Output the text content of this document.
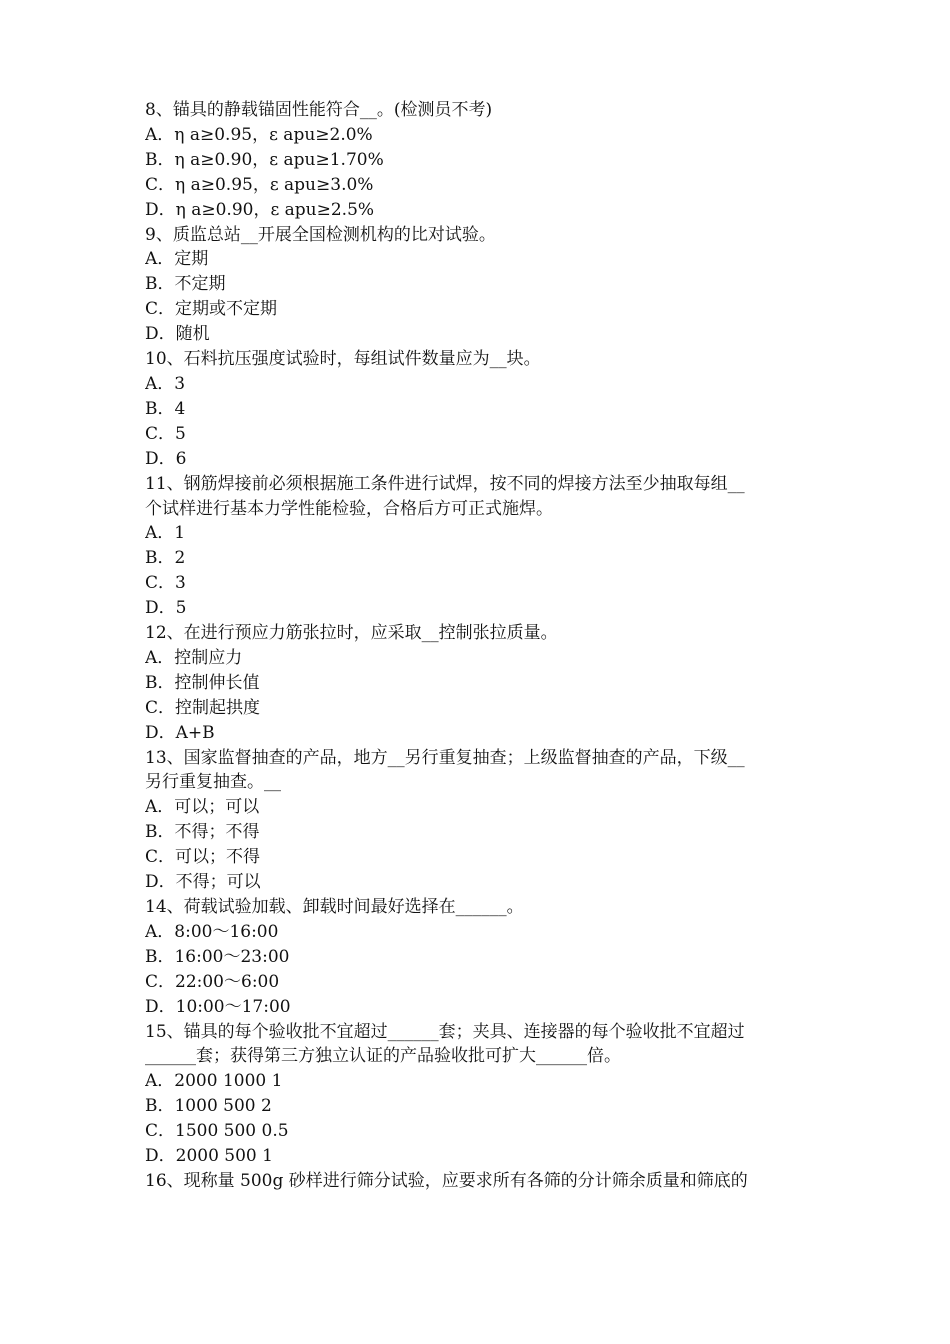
8、锚具的静载锚固性能符合__。(检测员不考)

A．η a≥0.95，ε apu≥2.0%

B．η a≥0.90，ε apu≥1.70%

C．η a≥0.95，ε apu≥3.0%

D．η a≥0.90，ε apu≥2.5%

9、质监总站__开展全国检测机构的比对试验。

A．定期

B．不定期

C．定期或不定期

D．随机

10、石料抗压强度试验时，每组试件数量应为__块。

A．3

B．4

C．5

D．6

11、钢筋焊接前必须根据施工条件进行试焊，按不同的焊接方法至少抽取每组__

个试样进行基本力学性能检验，合格后方可正式施焊。

A．1

B．2

C．3

D．5

12、在进行预应力筋张拉时，应采取__控制张拉质量。

A．控制应力

B．控制伸长值

C．控制起拱度

D．A+B

13、国家监督抽查的产品，地方__另行重复抽查；上级监督抽查的产品，下级__

另行重复抽查。__

A．可以；可以

B．不得；不得

C．可以；不得

D．不得；可以

14、荷载试验加载、卸载时间最好选择在______。

A．8:00～16:00

B．16:00～23:00

C．22:00～6:00

D．10:00～17:00

15、锚具的每个验收批不宜超过______套；夹具、连接器的每个验收批不宜超过

______套；获得第三方独立认证的产品验收批可扩大______倍。

A．2000 1000 1

B．1000 500 2

C．1500 500 0.5

D．2000 500 1

16、现称量 500g 砂样进行筛分试验，应要求所有各筛的分计筛余质量和筛底的
